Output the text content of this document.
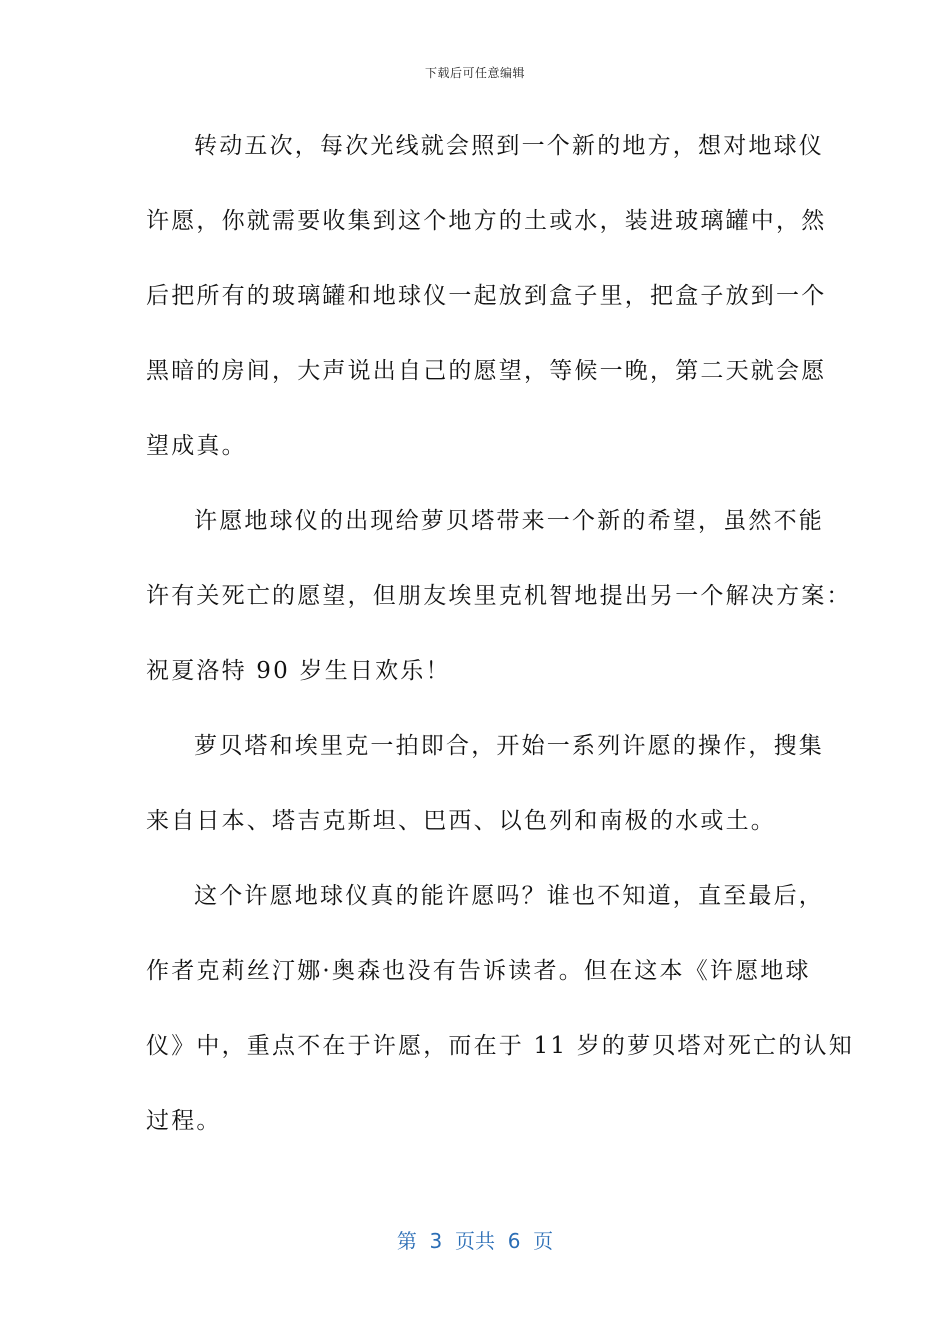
下载后可任意编辑
转动五次，每次光线就会照到一个新的地方，想对地球仪
许愿，你就需要收集到这个地方的土或水，装进玻璃罐中，然
后把所有的玻璃罐和地球仪一起放到盒子里，把盒子放到一个
黑暗的房间，大声说出自己的愿望，等候一晚，第二天就会愿
望成真。
许愿地球仪的出现给萝贝塔带来一个新的希望，虽然不能
许有关死亡的愿望，但朋友埃里克机智地提出另一个解决方案：
祝夏洛特 90 岁生日欢乐！
萝贝塔和埃里克一拍即合，开始一系列许愿的操作，搜集
来自日本、塔吉克斯坦、巴西、以色列和南极的水或土。
这个许愿地球仪真的能许愿吗？谁也不知道，直至最后，
作者克莉丝汀娜·奥森也没有告诉读者。但在这本《许愿地球
仪》中，重点不在于许愿，而在于 11 岁的萝贝塔对死亡的认知
过程。
第  3  页共  6  页
